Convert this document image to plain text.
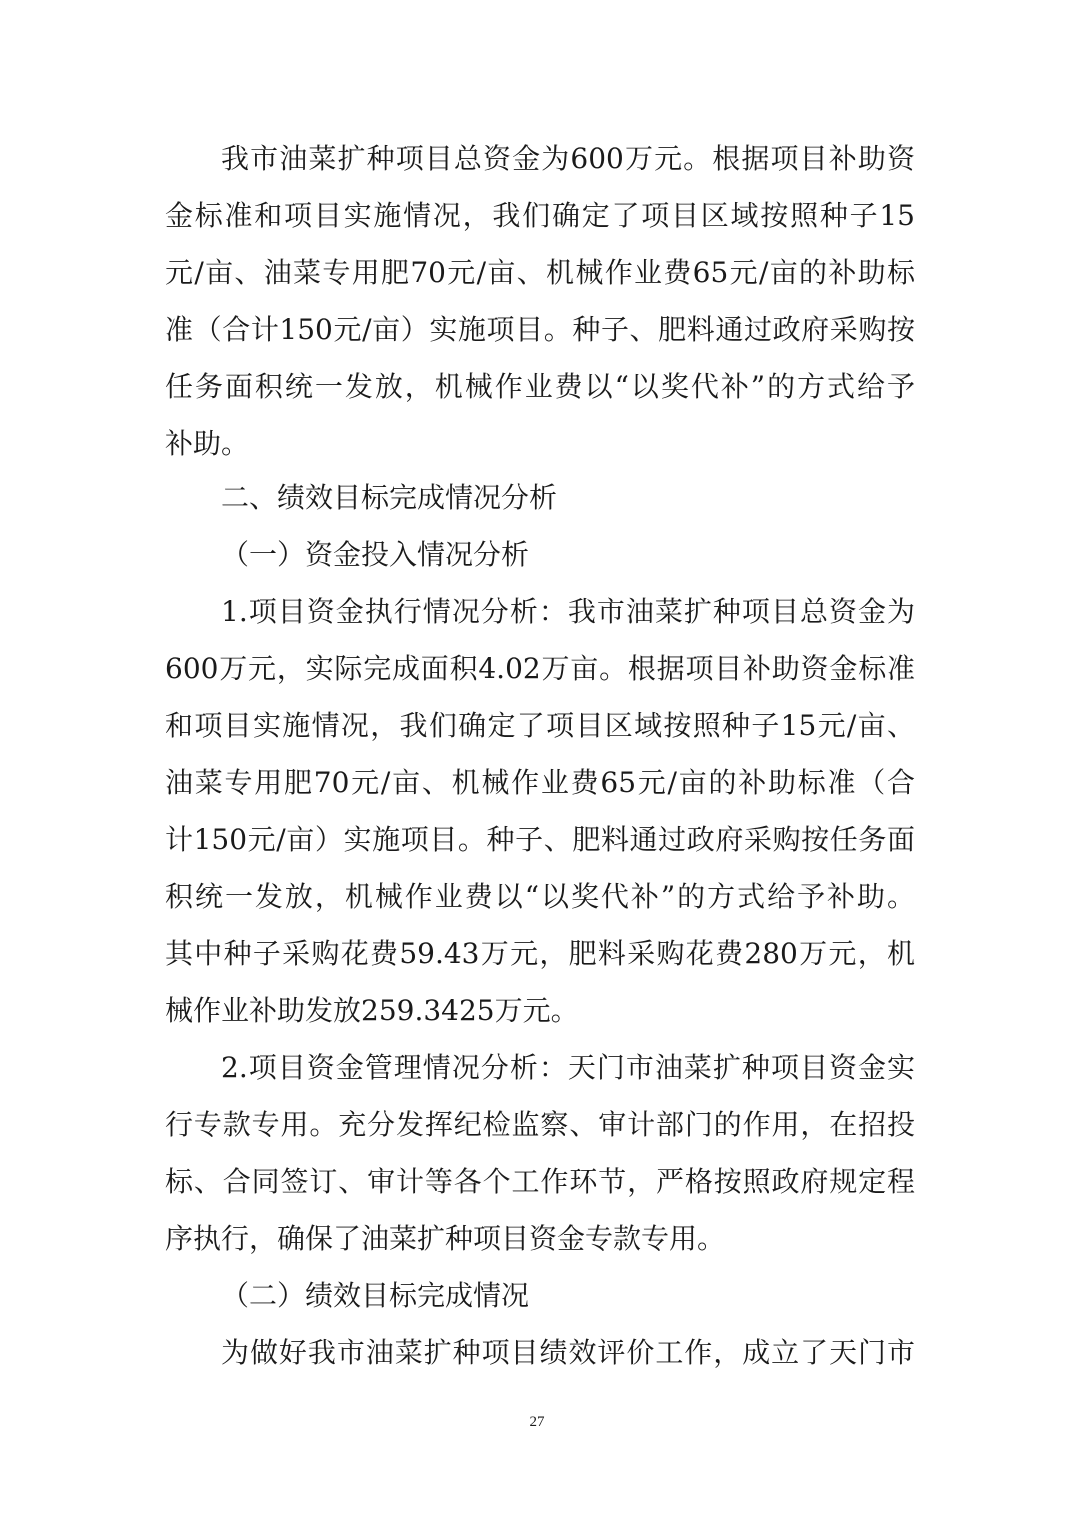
我市油菜扩种项目总资金为600万元。根据项目补助资
金标准和项目实施情况，我们确定了项目区域按照种子15
元/亩、油菜专用肥70元/亩、机械作业费65元/亩的补助标
准（合计150元/亩）实施项目。种子、肥料通过政府采购按
任务面积统一发放，机械作业费以“以奖代补”的方式给予
补助。
二、绩效目标完成情况分析
（一）资金投入情况分析
1.项目资金执行情况分析：我市油菜扩种项目总资金为
600万元，实际完成面积4.02万亩。根据项目补助资金标准
和项目实施情况，我们确定了项目区域按照种子15元/亩、
油菜专用肥70元/亩、机械作业费65元/亩的补助标准（合
计150元/亩）实施项目。种子、肥料通过政府采购按任务面
积统一发放，机械作业费以“以奖代补”的方式给予补助。
其中种子采购花费59.43万元，肥料采购花费280万元，机
械作业补助发放259.3425万元。
2.项目资金管理情况分析：天门市油菜扩种项目资金实
行专款专用。充分发挥纪检监察、审计部门的作用，在招投
标、合同签订、审计等各个工作环节，严格按照政府规定程
序执行，确保了油菜扩种项目资金专款专用。
（二）绩效目标完成情况
为做好我市油菜扩种项目绩效评价工作，成立了天门市
27
